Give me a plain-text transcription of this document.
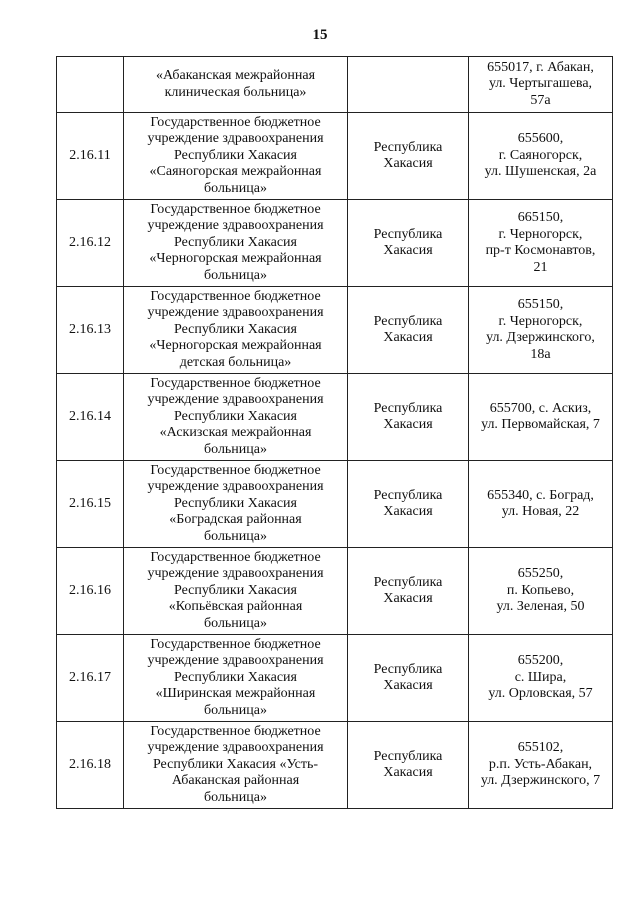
15

	«Абаканская межрайонная
клиническая больница»		655017, г. Абакан,
ул. Чертыгашева,
57а

2.16.11	Государственное бюджетное
учреждение здравоохранения
Республики Хакасия
«Саяногорская межрайонная
больница»	Республика
Хакасия	655600,
г. Саяногорск,
ул. Шушенская, 2а

2.16.12	Государственное бюджетное
учреждение здравоохранения
Республики Хакасия
«Черногорская межрайонная
больница»	Республика
Хакасия	665150,
г. Черногорск,
пр-т Космонавтов,
21

2.16.13	Государственное бюджетное
учреждение здравоохранения
Республики Хакасия
«Черногорская межрайонная
детская больница»	Республика
Хакасия	655150,
г. Черногорск,
ул. Дзержинского,
18а

2.16.14	Государственное бюджетное
учреждение здравоохранения
Республики Хакасия
«Аскизская межрайонная
больница»	Республика
Хакасия	655700, с. Аскиз,
ул. Первомайская, 7

2.16.15	Государственное бюджетное
учреждение здравоохранения
Республики Хакасия
«Боградская районная
больница»	Республика
Хакасия	655340, с. Боград,
ул. Новая, 22

2.16.16	Государственное бюджетное
учреждение здравоохранения
Республики Хакасия
«Копьёвская районная
больница»	Республика
Хакасия	655250,
п. Копьево,
ул. Зеленая, 50

2.16.17	Государственное бюджетное
учреждение здравоохранения
Республики Хакасия
«Ширинская межрайонная
больница»	Республика
Хакасия	655200,
с. Шира,
ул. Орловская, 57

2.16.18	Государственное бюджетное
учреждение здравоохранения
Республики Хакасия «Усть-
Абаканская районная
больница»	Республика
Хакасия	655102,
р.п. Усть-Абакан,
ул. Дзержинского, 7
